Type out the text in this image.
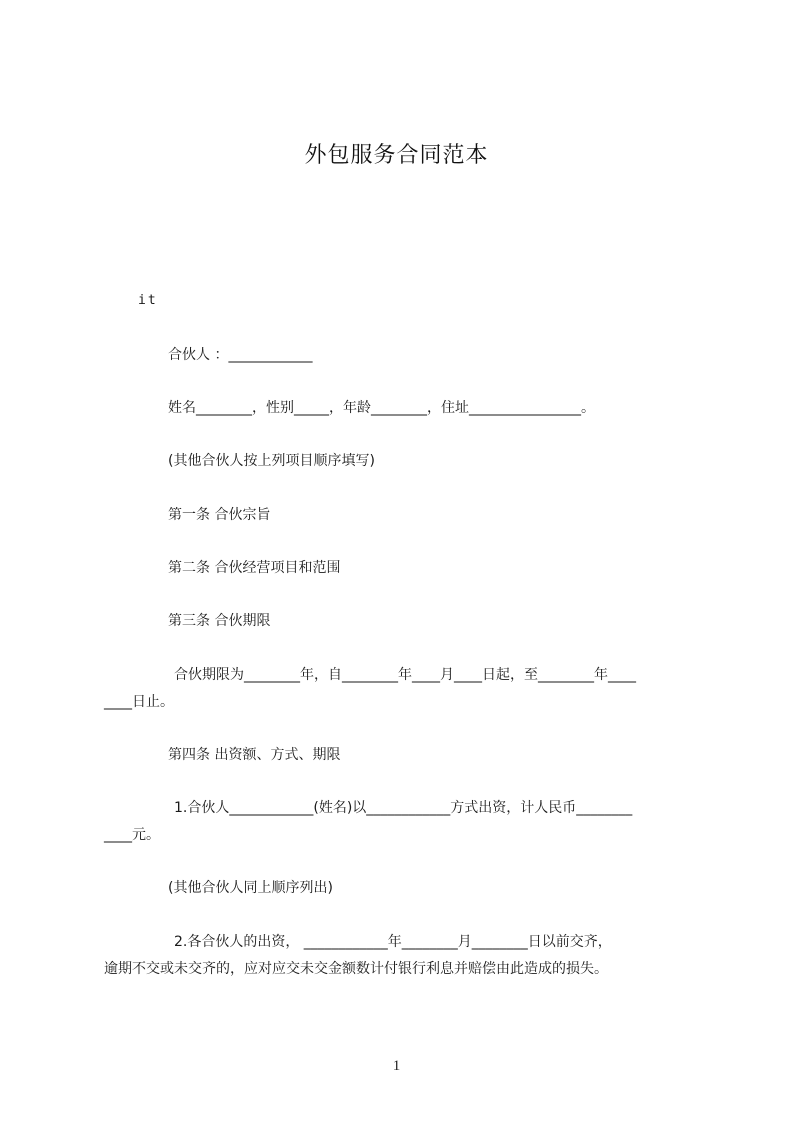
外包服务合同范本
it
合伙人 ：____________
姓名________，性别_____，年龄________，住址________________。
(其他合伙人按上列项目顺序填写)
第一条 合伙宗旨
第二条 合伙经营项目和范围
第三条 合伙期限
合伙期限为________年，自________年____月____日起，至________年____
____日止。
第四条 出资额、方式、期限
1.合伙人____________(姓名)以____________方式出资，计人民币________
____元。
(其他合伙人同上顺序列出)
2.各合伙人的出资， ____________年________月________日以前交齐，
逾期不交或未交齐的，应对应交未交金额数计付银行利息并赔偿由此造成的损失。
1
